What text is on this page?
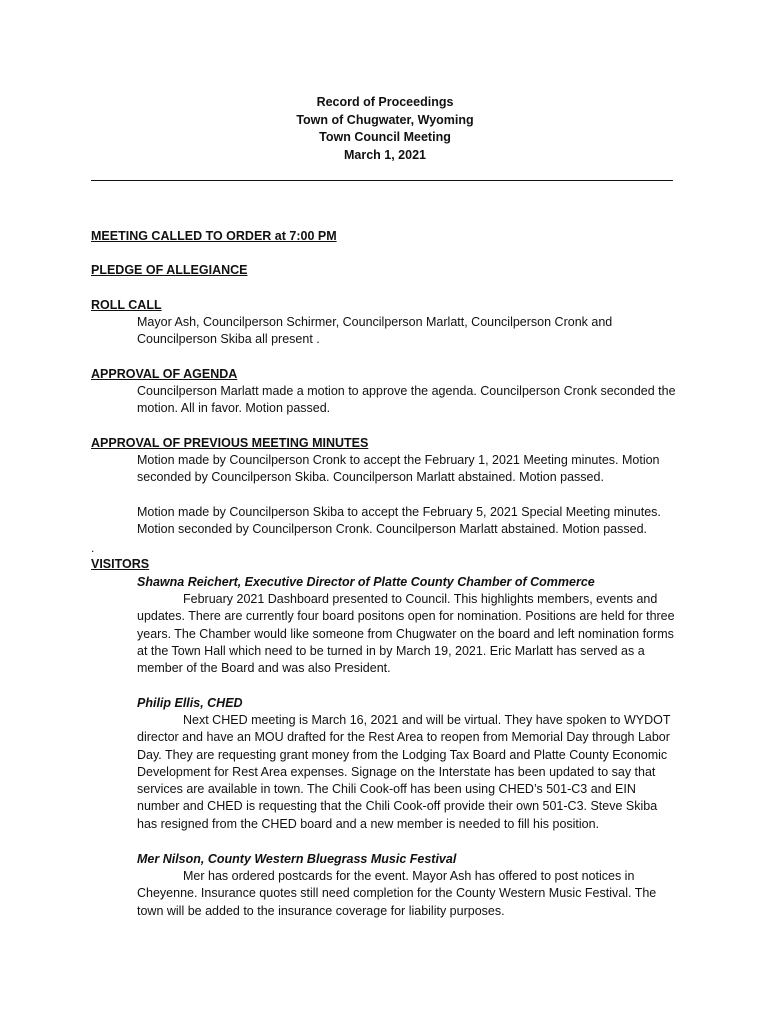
Record of Proceedings
Town of Chugwater, Wyoming
Town Council Meeting
March 1, 2021
MEETING CALLED TO ORDER at 7:00 PM
PLEDGE OF ALLEGIANCE
ROLL CALL

Mayor Ash, Councilperson Schirmer, Councilperson Marlatt, Councilperson Cronk and Councilperson Skiba all present .

APPROVAL OF AGENDA

Councilperson Marlatt made a motion to approve the agenda. Councilperson Cronk seconded the motion. All in favor. Motion passed.

APPROVAL OF PREVIOUS MEETING MINUTES

Motion made by Councilperson Cronk to accept the February 1, 2021 Meeting minutes. Motion seconded by Councilperson Skiba. Councilperson Marlatt abstained. Motion passed.

Motion made by Councilperson Skiba to accept the February 5, 2021 Special Meeting minutes. Motion seconded by Councilperson Cronk. Councilperson Marlatt abstained. Motion passed.

.
VISITORS
Shawna Reichert, Executive Director of Platte County Chamber of Commerce

February 2021 Dashboard presented to Council. This highlights members, events and updates. There are currently four board positons open for nomination. Positions are held for three years. The Chamber would like someone from Chugwater on the board and left nomination forms at the Town Hall which need to be turned in by March 19, 2021. Eric Marlatt has served as a member of the Board and was also President.

Philip Ellis, CHED

Next CHED meeting is March 16, 2021 and will be virtual. They have spoken to WYDOT director and have an MOU drafted for the Rest Area to reopen from Memorial Day through Labor Day. They are requesting grant money from the Lodging Tax Board and Platte County Economic Development for Rest Area expenses. Signage on the Interstate has been updated to say that services are available in town. The Chili Cook-off has been using CHED’s 501-C3 and EIN number and CHED is requesting that the Chili Cook-off provide their own 501-C3. Steve Skiba has resigned from the CHED board and a new member is needed to fill his position.

Mer Nilson, County Western Bluegrass Music Festival

Mer has ordered postcards for the event. Mayor Ash has offered to post notices in Cheyenne. Insurance quotes still need completion for the County Western Music Festival. The town will be added to the insurance coverage for liability purposes.
